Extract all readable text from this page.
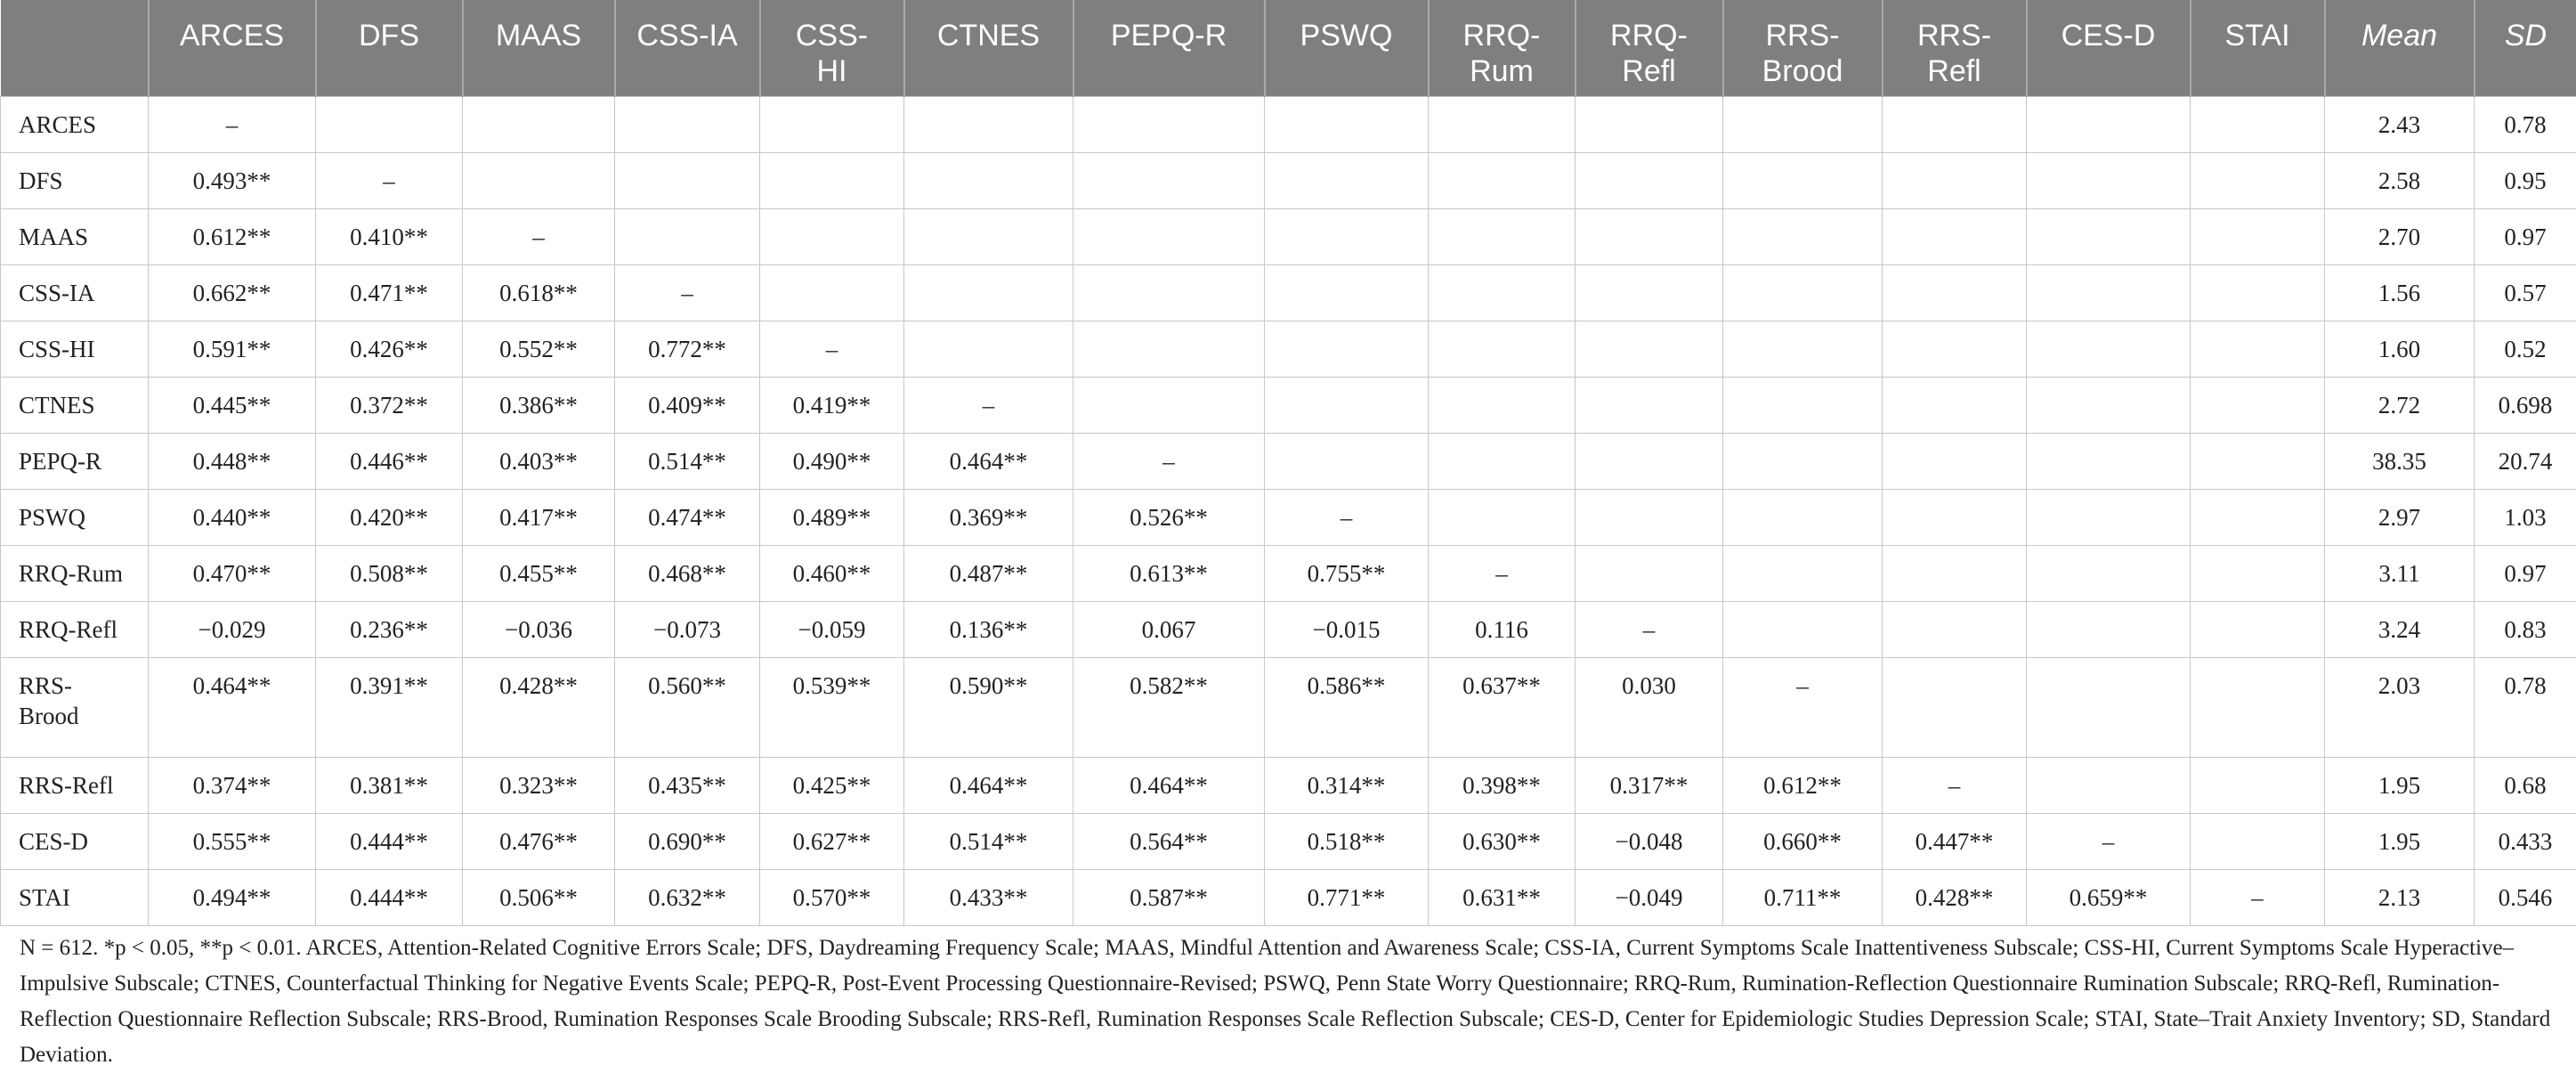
	ARCES	DFS	MAAS	CSS-IA	CSS-
HI	CTNES	PEPQ-R	PSWQ	RRQ-
Rum	RRQ-
Refl	RRS-
Brood	RRS-
Refl	CES-D	STAI	Mean	SD
ARCES	–														2.43	0.78
DFS	0.493**	–													2.58	0.95
MAAS	0.612**	0.410**	–												2.70	0.97
CSS-IA	0.662**	0.471**	0.618**	–											1.56	0.57
CSS-HI	0.591**	0.426**	0.552**	0.772**	–										1.60	0.52
CTNES	0.445**	0.372**	0.386**	0.409**	0.419**	–									2.72	0.698
PEPQ-R	0.448**	0.446**	0.403**	0.514**	0.490**	0.464**	–								38.35	20.74
PSWQ	0.440**	0.420**	0.417**	0.474**	0.489**	0.369**	0.526**	–							2.97	1.03
RRQ-Rum	0.470**	0.508**	0.455**	0.468**	0.460**	0.487**	0.613**	0.755**	–						3.11	0.97
RRQ-Refl	−0.029	0.236**	−0.036	−0.073	−0.059	0.136**	0.067	−0.015	0.116	–					3.24	0.83
RRS-
Brood	0.464**	0.391**	0.428**	0.560**	0.539**	0.590**	0.582**	0.586**	0.637**	0.030	–				2.03	0.78
RRS-Refl	0.374**	0.381**	0.323**	0.435**	0.425**	0.464**	0.464**	0.314**	0.398**	0.317**	0.612**	–			1.95	0.68
CES-D	0.555**	0.444**	0.476**	0.690**	0.627**	0.514**	0.564**	0.518**	0.630**	−0.048	0.660**	0.447**	–		1.95	0.433
STAI	0.494**	0.444**	0.506**	0.632**	0.570**	0.433**	0.587**	0.771**	0.631**	−0.049	0.711**	0.428**	0.659**	–	2.13	0.546
N = 612. *p < 0.05, **p < 0.01. ARCES, Attention-Related Cognitive Errors Scale; DFS, Daydreaming Frequency Scale; MAAS, Mindful Attention and Awareness Scale; CSS-IA, Current Symptoms Scale Inattentiveness Subscale; CSS-HI, Current Symptoms Scale Hyperactive–Impulsive Subscale; CTNES, Counterfactual Thinking for Negative Events Scale; PEPQ-R, Post-Event Processing Questionnaire-Revised; PSWQ, Penn State Worry Questionnaire; RRQ-Rum, Rumination-Reflection Questionnaire Rumination Subscale; RRQ-Refl, Rumination-Reflection Questionnaire Reflection Subscale; RRS-Brood, Rumination Responses Scale Brooding Subscale; RRS-Refl, Rumination Responses Scale Reflection Subscale; CES-D, Center for Epidemiologic Studies Depression Scale; STAI, State–Trait Anxiety Inventory; SD, Standard Deviation.
